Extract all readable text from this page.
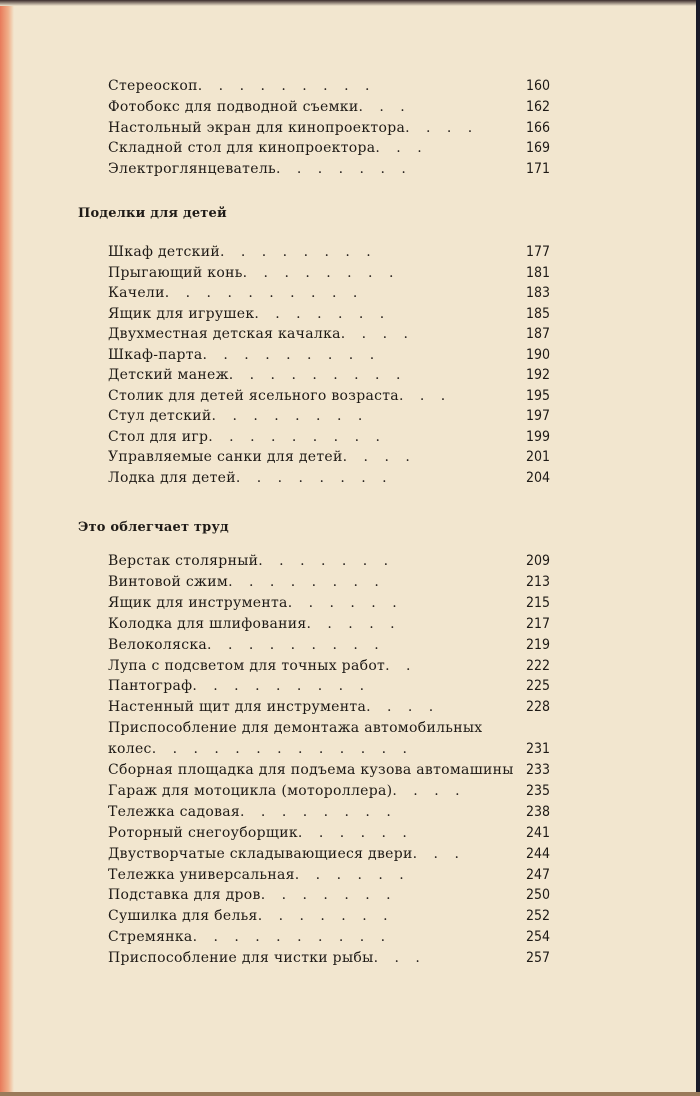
Стереоскоп. . . . . . . . .	160
Фотобокс для подводной съемки. . .	162
Настольный экран для кинопроектора. . . .	166
Складной стол для кинопроектора. . .	169
Электроглянцеватель. . . . . . .	171
Поделки для детей
Шкаф детский. . . . . . . .	177
Прыгающий конь. . . . . . . .	181
Качели. . . . . . . . . .	183
Ящик для игрушек. . . . . . .	185
Двухместная детская качалка. . . .	187
Шкаф-парта. . . . . . . . .	190
Детский манеж. . . . . . . . .	192
Столик для детей ясельного возраста. . .	195
Стул детский. . . . . . . .	197
Стол для игр. . . . . . . . .	199
Управляемые санки для детей. . . .	201
Лодка для детей. . . . . . . .	204
Это облегчает труд
Верстак столярный. . . . . . .	209
Винтовой сжим. . . . . . . .	213
Ящик для инструмента. . . . . .	215
Колодка для шлифования. . . . .	217
Велоколяска. . . . . . . . .	219
Лупа с подсветом для точных работ. .	222
Пантограф. . . . . . . . .	225
Настенный щит для инструмента. . . .	228
Приспособление для демонтажа автомобильных
колес. . . . . . . . . . . . .	231
Сборная площадка для подъема кузова автомашины 233
Гараж для мотоцикла (мотороллера). . . .	235
Тележка садовая. . . . . . . .	238
Роторный снегоуборщик. . . . . .	241
Двустворчатые складывающиеся двери. . .	244
Тележка универсальная. . . . . .	247
Подставка для дров. . . . . . .	250
Сушилка для белья. . . . . . .	252
Стремянка. . . . . . . . . .	254
Приспособление для чистки рыбы. . .	257
